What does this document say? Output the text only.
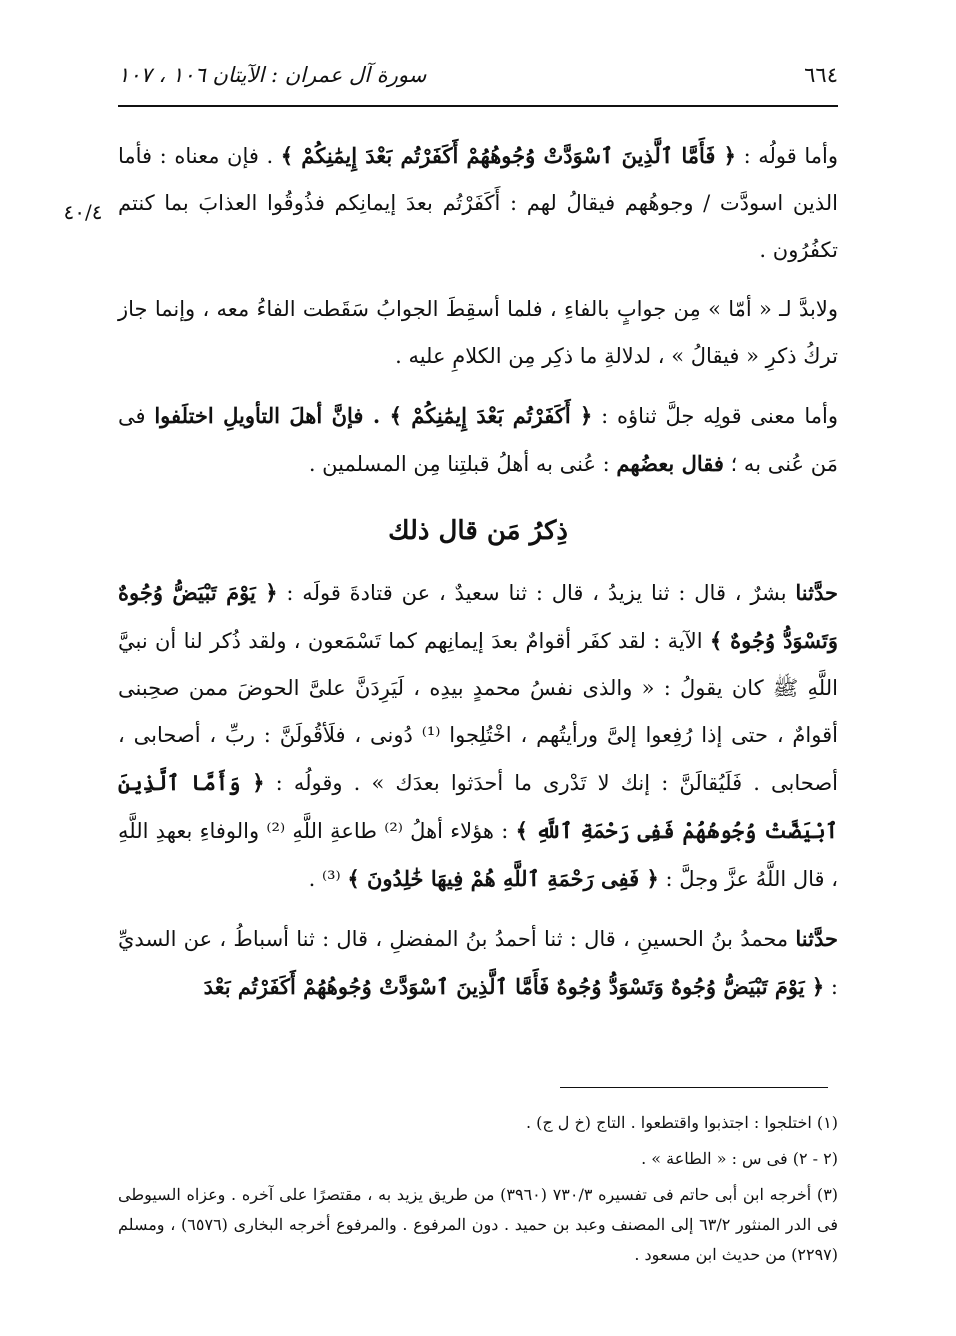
٦٦٤
سورة آل عمران : الآيتان ١٠٦ ، ١٠٧
٤٠/٤

وأما قولُه : ﴿ فَأَمَّا ٱلَّذِينَ ٱسْوَدَّتْ وُجُوهُهُمْ أَكَفَرْتُم بَعْدَ إِيمَٰنِكُمْ ﴾ . فإن معناه : فأما الذين اسودَّت / وجوهُهم فيقالُ لهم : أَكَفَرْتُم بعدَ إيمانِكم فذُوقُوا العذابَ بما كنتم تكفُرُون .

ولابدَّ لـ « أمّا » مِن جوابٍ بالفاءِ ، فلما أسقِطَ الجوابُ سَقَطت الفاءُ معه ، وإنما جاز تركُ ذكرِ « فيقالُ » ، لدلالةِ ما ذكِر مِن الكلامِ عليه .

وأما معنى قولِه جلَّ ثناؤه : ﴿ أَكَفَرْتُم بَعْدَ إِيمَٰنِكُمْ ﴾ . فإنَّ أهلَ التأويلِ اختلَفوا فى مَن عُنى به ؛ فقال بعضُهم : عُنى به أهلُ قبلتِنا مِن المسلمين .

ذِكرُ مَن قال ذلك

حدَّثنا بشرٌ ، قال : ثنا يزيدُ ، قال : ثنا سعيدٌ ، عن قتادةَ قولَه : ﴿ يَوْمَ تَبْيَضُّ وُجُوهٌ وَتَسْوَدُّ وُجُوهٌ ﴾ الآية : لقد كفَر أقوامٌ بعدَ إيمانِهم كما تَسْمَعون ، ولقد ذُكر لنا أن نبيَّ اللَّهِ ﷺ كان يقولُ : « والذى نفسُ محمدٍ بيدِه ، لَيَرِدَنَّ علىَّ الحوضَ ممن صحِبنى أقوامٌ ، حتى إذا رُفِعوا إلىَّ ورأيتُهم ، اخْتُلِجوا ⁽¹⁾ دُونى ، فلَأقُولَنَّ : ربِّ ، أصحابى ، أصحابى . فَلَيُقالَنَّ : إنك لا تَدْرى ما أحدَثوا بعدَك » . وقولُه : ﴿ وَأَمَّا ٱلَّذِينَ ٱبْيَضَّتْ وُجُوهُهُمْ فَفِى رَحْمَةِ ٱللَّهِ ﴾ : هؤلاء أهلُ ⁽²⁾ طاعةِ اللَّهِ ⁽²⁾ والوفاءِ بعهدِ اللَّهِ ، قال اللَّهُ عزَّ وجلَّ : ﴿ فَفِى رَحْمَةِ ٱللَّهِ هُمْ فِيهَا خَٰلِدُونَ ﴾ ⁽³⁾ .

حدَّثنا محمدُ بنُ الحسينِ ، قال : ثنا أحمدُ بنُ المفضلِ ، قال : ثنا أسباطُ ، عن السديِّ : ﴿ يَوْمَ تَبْيَضُّ وُجُوهٌ وَتَسْوَدُّ وُجُوهٌ فَأَمَّا ٱلَّذِينَ ٱسْوَدَّتْ وُجُوهُهُمْ أَكَفَرْتُم بَعْدَ

(١) اختلجوا : اجتذبوا واقتطعوا . التاج (خ ل ج) .

(٢ - ٢) فى س : « الطاعة » .

(٣) أخرجه ابن أبى حاتم فى تفسيره ٧٣٠/٣ (٣٩٦٠) من طريق يزيد به ، مقتصرًا على آخره . وعزاه السيوطى فى الدر المنثور ٦٣/٢ إلى المصنف وعبد بن حميد . دون المرفوع . والمرفوع أخرجه البخارى (٦٥٧٦) ، ومسلم (٢٢٩٧) من حديث ابن مسعود .
